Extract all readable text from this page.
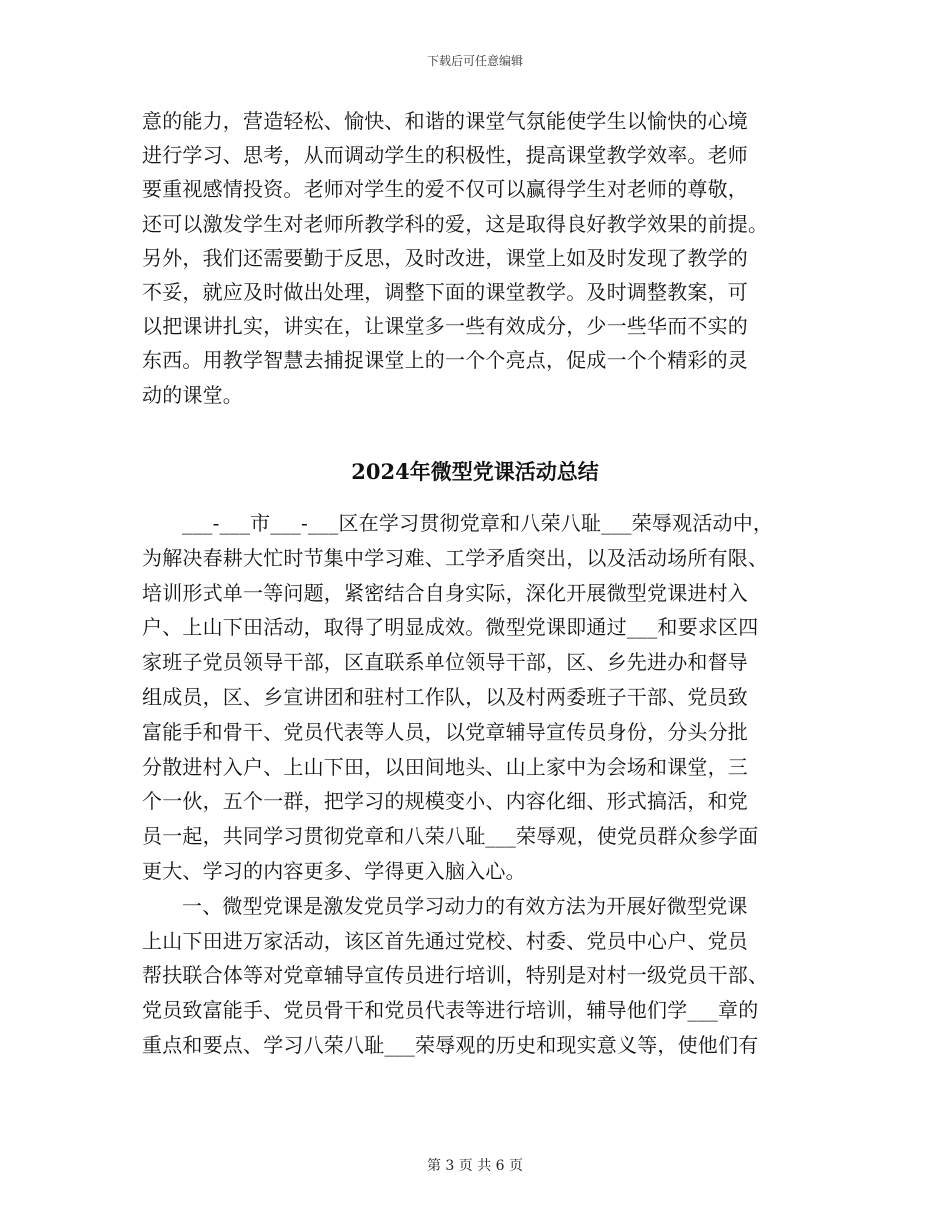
下载后可任意编辑
意的能力，营造轻松、愉快、和谐的课堂气氛能使学生以愉快的心境
进行学习、思考，从而调动学生的积极性，提高课堂教学效率。老师
要重视感情投资。老师对学生的爱不仅可以赢得学生对老师的尊敬，
还可以激发学生对老师所教学科的爱，这是取得良好教学效果的前提。
另外，我们还需要勤于反思，及时改进，课堂上如及时发现了教学的
不妥，就应及时做出处理，调整下面的课堂教学。及时调整教案，可
以把课讲扎实，讲实在，让课堂多一些有效成分，少一些华而不实的
东西。用教学智慧去捕捉课堂上的一个个亮点，促成一个个精彩的灵
动的课堂。
2024年微型党课活动总结
___-___市___-___区在学习贯彻党章和八荣八耻___荣辱观活动中，
为解决春耕大忙时节集中学习难、工学矛盾突出，以及活动场所有限、
培训形式单一等问题，紧密结合自身实际，深化开展微型党课进村入
户、上山下田活动，取得了明显成效。微型党课即通过___和要求区四
家班子党员领导干部，区直联系单位领导干部，区、乡先进办和督导
组成员，区、乡宣讲团和驻村工作队，以及村两委班子干部、党员致
富能手和骨干、党员代表等人员，以党章辅导宣传员身份，分头分批
分散进村入户、上山下田，以田间地头、山上家中为会场和课堂，三
个一伙，五个一群，把学习的规模变小、内容化细、形式搞活，和党
员一起，共同学习贯彻党章和八荣八耻___荣辱观，使党员群众参学面
更大、学习的内容更多、学得更入脑入心。
一、微型党课是激发党员学习动力的有效方法为开展好微型党课
上山下田进万家活动，该区首先通过党校、村委、党员中心户、党员
帮扶联合体等对党章辅导宣传员进行培训，特别是对村一级党员干部、
党员致富能手、党员骨干和党员代表等进行培训，辅导他们学___章的
重点和要点、学习八荣八耻___荣辱观的历史和现实意义等，使他们有
第 3 页 共 6 页
